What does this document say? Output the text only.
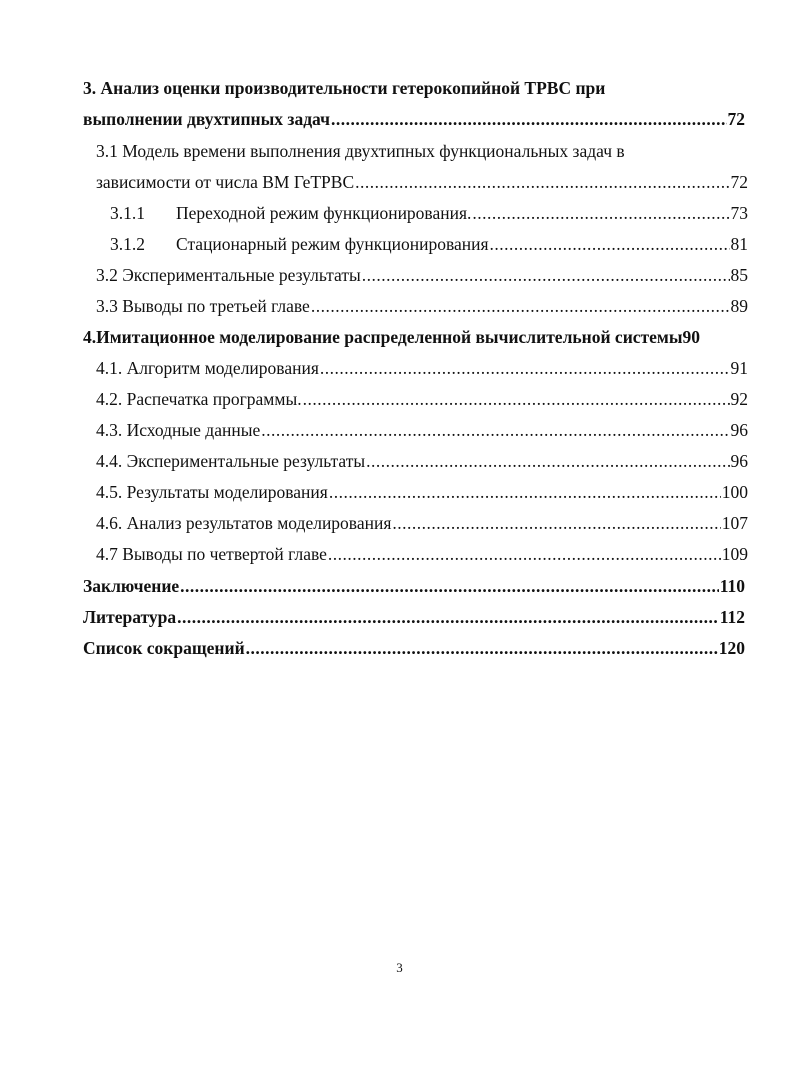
3. Анализ оценки производительности гетерокопийной ТРВС при
выполнении двухтипных задач .....	72
3.1 Модель времени выполнения двухтипных функциональных задач в
зависимости от числа ВМ ГеТРВС .....	72
3.1.1 Переходной режим функционирования. .....	73
3.1.2 Стационарный режим функционирования .....	81
3.2 Экспериментальные результаты .....	85
3.3 Выводы по третьей главе .....	89
4.Имитационное моделирование распределенной вычислительной системы90
4.1. Алгоритм моделирования .....	91
4.2. Распечатка программы. .....	92
4.3. Исходные данные .....	96
4.4. Экспериментальные результаты .....	96
4.5. Результаты моделирования .....	100
4.6. Анализ результатов моделирования .....	107
4.7 Выводы по четвертой главе .....	109
Заключение .....	110
Литература .....	112
Список сокращений .....	120
3
